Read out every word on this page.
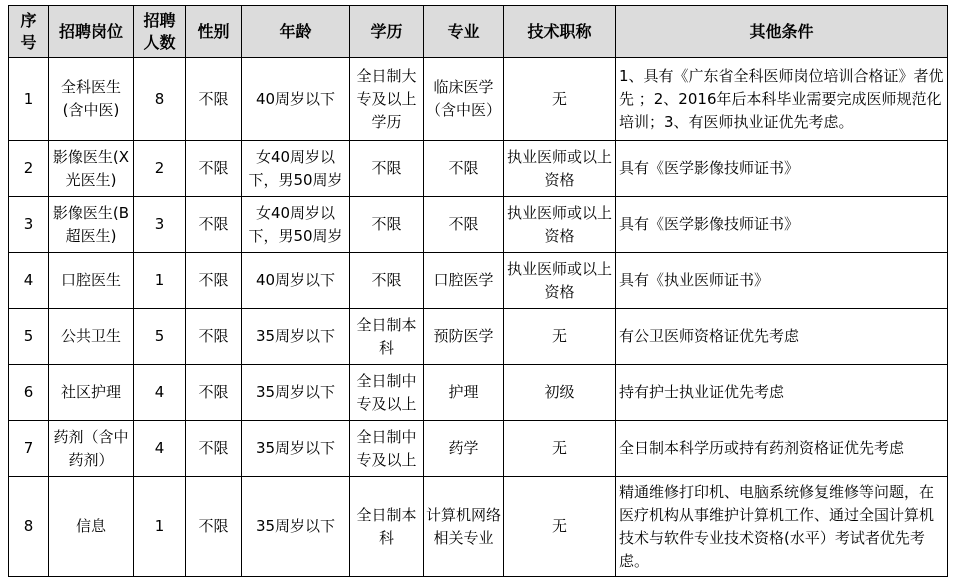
序号	招聘岗位	招聘人数	性别	年龄	学历	专业	技术职称	其他条件
1	全科医生(含中医)	8	不限	40周岁以下	全日制大专及以上学历	临床医学（含中医）	无	1、具有《广东省全科医师岗位培训合格证》者优先 ；2、2016年后本科毕业需要完成医师规范化培训；3、有医师执业证优先考虑。
2	影像医生(X光医生)	2	不限	女40周岁以下，男50周岁	不限	不限	执业医师或以上资格	具有《医学影像技师证书》
3	影像医生(B超医生)	3	不限	女40周岁以下，男50周岁	不限	不限	执业医师或以上资格	具有《医学影像技师证书》
4	口腔医生	1	不限	40周岁以下	不限	口腔医学	执业医师或以上资格	具有《执业医师证书》
5	公共卫生	5	不限	35周岁以下	全日制本科	预防医学	无	有公卫医师资格证优先考虑
6	社区护理	4	不限	35周岁以下	全日制中专及以上	护理	初级	持有护士执业证优先考虑
7	药剂（含中药剂）	4	不限	35周岁以下	全日制中专及以上	药学	无	全日制本科学历或持有药剂资格证优先考虑
8	信息	1	不限	35周岁以下	全日制本科	计算机网络相关专业	无	精通维修打印机、电脑系统修复维修等问题，在医疗机构从事维护计算机工作、通过全国计算机技术与软件专业技术资格(水平）考试者优先考虑。
